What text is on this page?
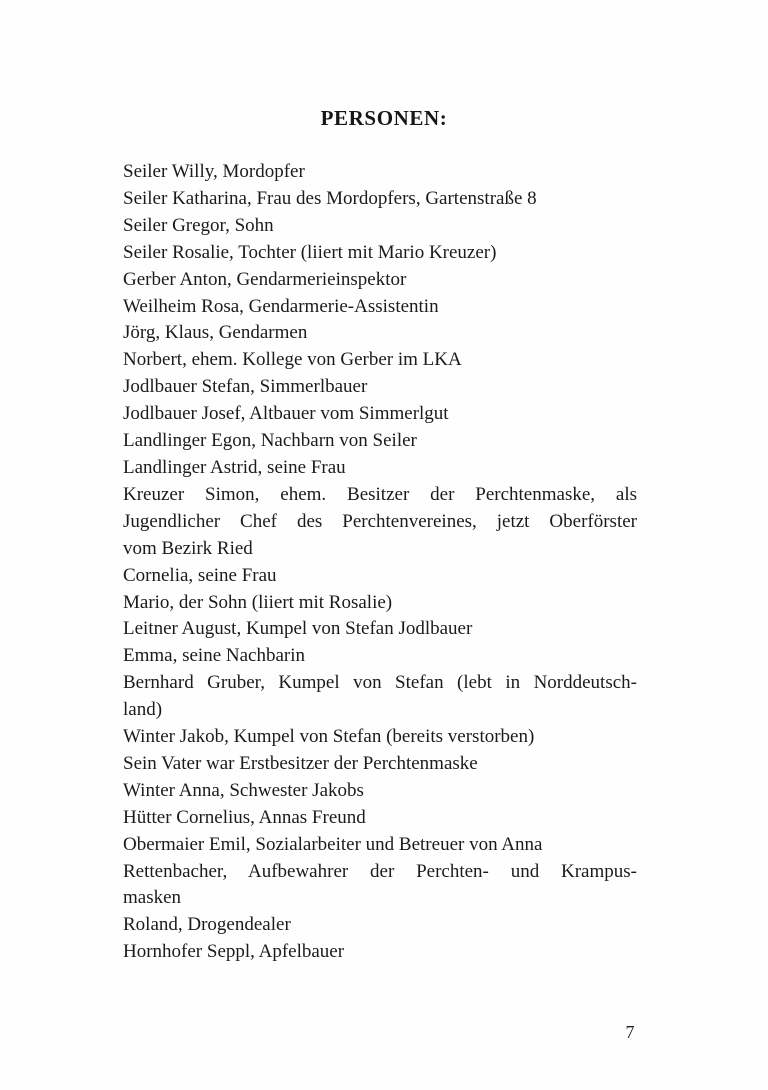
PERSONEN:
Seiler Willy, Mordopfer
Seiler Katharina, Frau des Mordopfers, Gartenstraße 8
Seiler Gregor, Sohn
Seiler Rosalie, Tochter (liiert mit Mario Kreuzer)
Gerber Anton, Gendarmerieinspektor
Weilheim Rosa, Gendarmerie-Assistentin
Jörg, Klaus, Gendarmen
Norbert, ehem. Kollege von Gerber im LKA
Jodlbauer Stefan, Simmerlbauer
Jodlbauer Josef, Altbauer vom Simmerlgut
Landlinger Egon, Nachbarn von Seiler
Landlinger Astrid, seine Frau
Kreuzer Simon, ehem. Besitzer der Perchtenmaske, als
Jugendlicher Chef des Perchtenvereines, jetzt Oberförster
vom Bezirk Ried
Cornelia, seine Frau
Mario, der Sohn (liiert mit Rosalie)
Leitner August, Kumpel von Stefan Jodlbauer
Emma, seine Nachbarin
Bernhard Gruber, Kumpel von Stefan (lebt in Norddeutsch-
land)
Winter Jakob, Kumpel von Stefan (bereits verstorben)
Sein Vater war Erstbesitzer der Perchtenmaske
Winter Anna, Schwester Jakobs
Hütter Cornelius, Annas Freund
Obermaier Emil, Sozialarbeiter und Betreuer von Anna
Rettenbacher, Aufbewahrer der Perchten- und Krampus-
masken
Roland, Drogendealer
Hornhofer Seppl, Apfelbauer
7
